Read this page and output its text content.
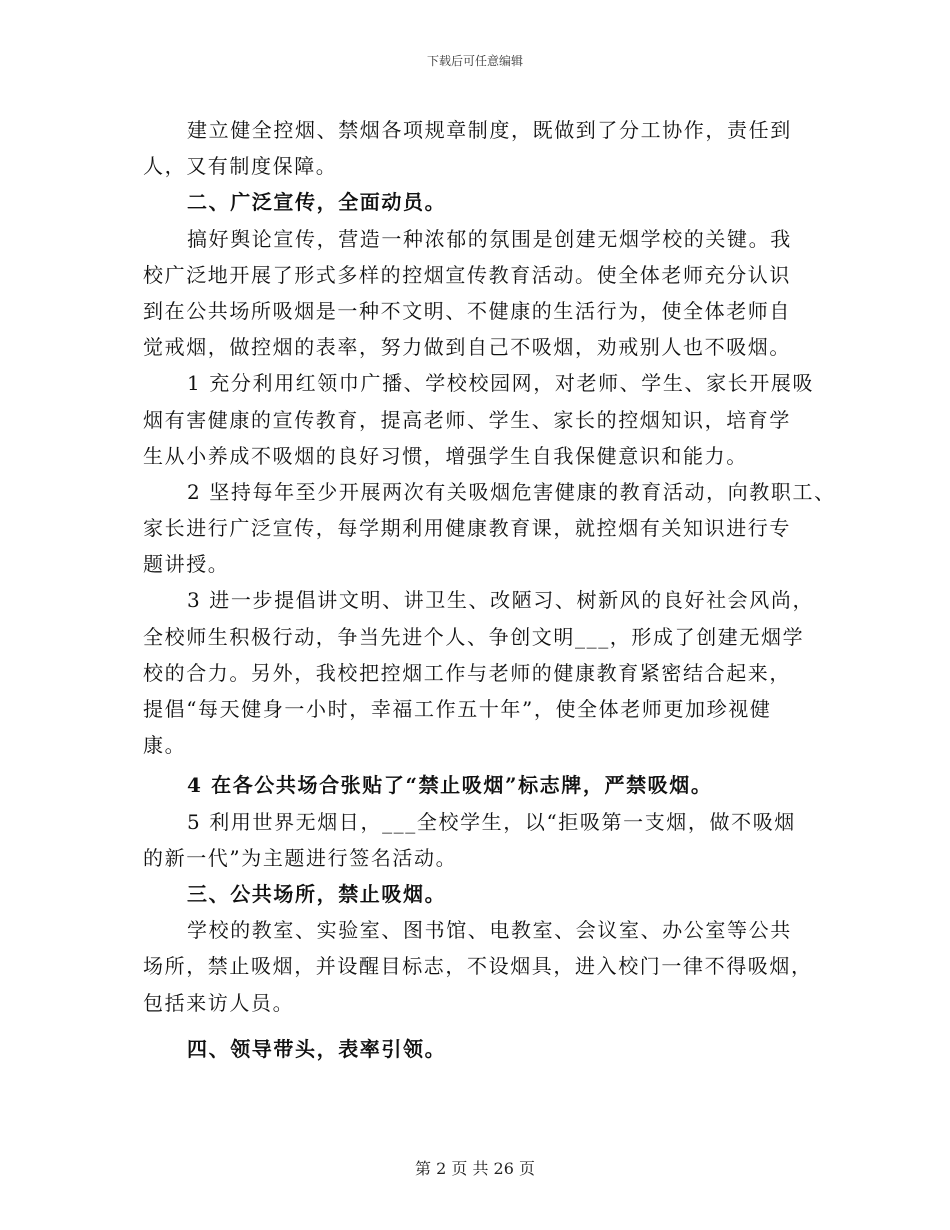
下载后可任意编辑
建立健全控烟、禁烟各项规章制度，既做到了分工协作，责任到
人，又有制度保障。
二、广泛宣传，全面动员。
搞好舆论宣传，营造一种浓郁的氛围是创建无烟学校的关键。我
校广泛地开展了形式多样的控烟宣传教育活动。使全体老师充分认识
到在公共场所吸烟是一种不文明、不健康的生活行为，使全体老师自
觉戒烟，做控烟的表率，努力做到自己不吸烟，劝戒别人也不吸烟。
1 充分利用红领巾广播、学校校园网，对老师、学生、家长开展吸
烟有害健康的宣传教育，提高老师、学生、家长的控烟知识，培育学
生从小养成不吸烟的良好习惯，增强学生自我保健意识和能力。
2 坚持每年至少开展两次有关吸烟危害健康的教育活动，向教职工、
家长进行广泛宣传，每学期利用健康教育课，就控烟有关知识进行专
题讲授。
3 进一步提倡讲文明、讲卫生、改陋习、树新风的良好社会风尚，
全校师生积极行动，争当先进个人、争创文明___，形成了创建无烟学
校的合力。另外，我校把控烟工作与老师的健康教育紧密结合起来，
提倡“每天健身一小时，幸福工作五十年”，使全体老师更加珍视健
康。
4 在各公共场合张贴了“禁止吸烟”标志牌，严禁吸烟。
5 利用世界无烟日，___全校学生，以“拒吸第一支烟，做不吸烟
的新一代”为主题进行签名活动。
三、公共场所，禁止吸烟。
学校的教室、实验室、图书馆、电教室、会议室、办公室等公共
场所，禁止吸烟，并设醒目标志，不设烟具，进入校门一律不得吸烟，
包括来访人员。
四、领导带头，表率引领。
第 2 页 共 26 页
